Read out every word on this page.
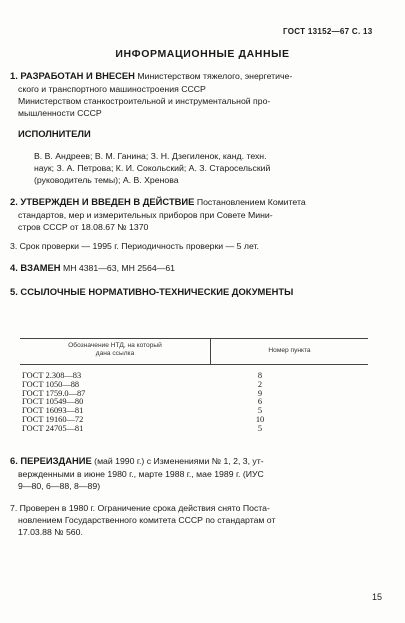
ГОСТ 13152—67 С. 13
ИНФОРМАЦИОННЫЕ ДАННЫЕ
1. РАЗРАБОТАН И ВНЕСЕН Министерством тяжелого, энергетиче-
ского и транспортного машиностроения СССР
Министерством станкостроительной и инструментальной про-
мышленности СССР
ИСПОЛНИТЕЛИ
В. В. Андреев; В. М. Ганина; З. Н. Дзегиленок, канд. техн.
наук; З. А. Петрова; К. И. Сокольский; А. З. Старосельский
(руководитель темы); А. В. Хренова
2. УТВЕРЖДЕН И ВВЕДЕН В ДЕЙСТВИЕ Постановлением Комитета
стандартов, мер и измерительных приборов при Совете Мини-
стров СССР от 18.08.67 № 1370
3. Срок проверки — 1995 г. Периодичность проверки — 5 лет.
4. ВЗАМЕН МН 4381—63, МН 2564—61
5. ССЫЛОЧНЫЕ НОРМАТИВНО-ТЕХНИЧЕСКИЕ ДОКУМЕНТЫ
Обозначение НТД, на который
дана ссылка	Номер пункта
ГОСТ 2.308—83
ГОСТ 1050—88
ГОСТ 1759.0—87
ГОСТ 10549—80
ГОСТ 16093—81
ГОСТ 19160—72
ГОСТ 24705—81
8
2
9
6
5
10
5
6. ПЕРЕИЗДАНИЕ (май 1990 г.) с Изменениями № 1, 2, 3, ут-
вержденными в июне 1980 г., марте 1988 г., мае 1989 г. (ИУС
9—80, 6—88, 8—89)
7. Проверен в 1980 г. Ограничение срока действия снято Поста-
новлением Государственного комитета СССР по стандартам от
17.03.88 № 560.
15
